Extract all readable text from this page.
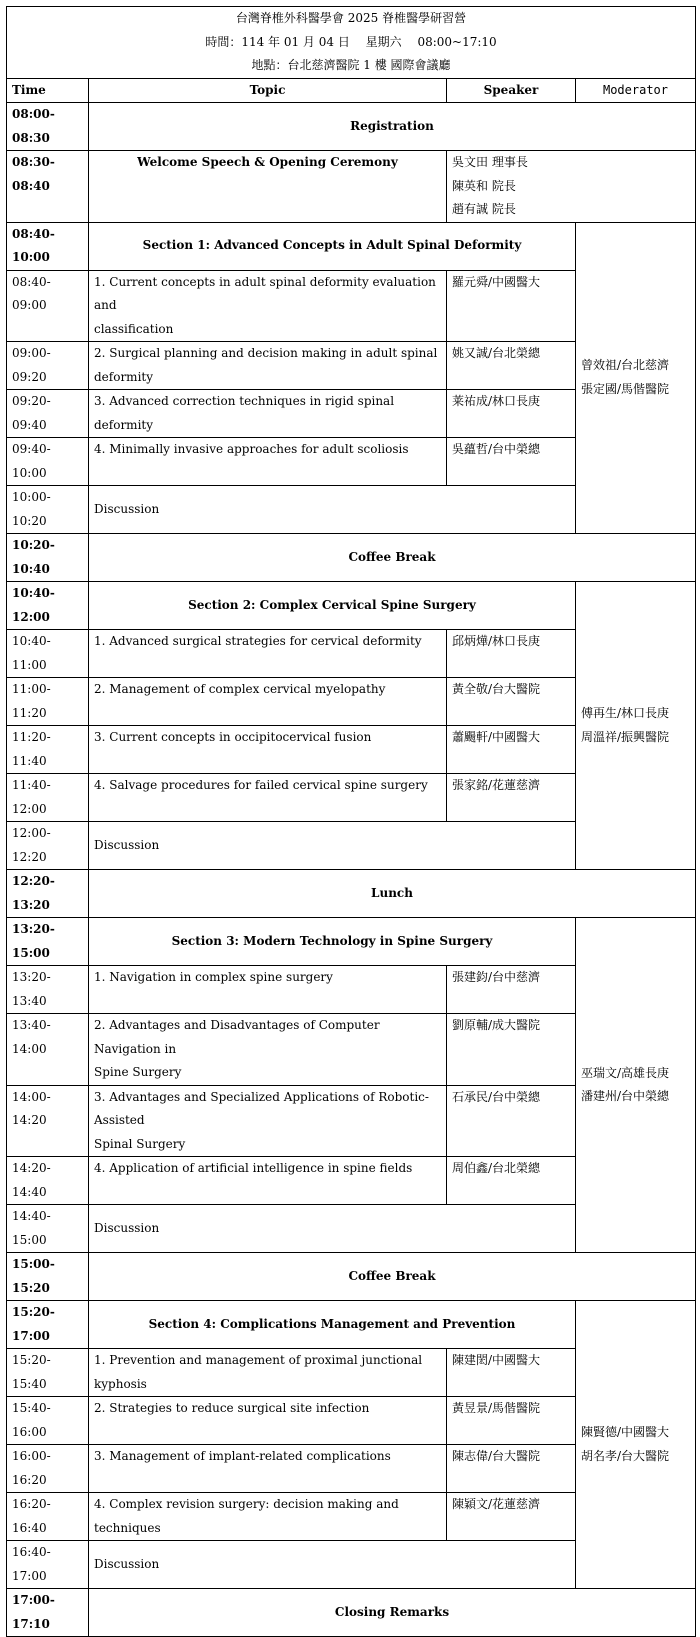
台灣脊椎外科醫學會 2025 脊椎醫學研習營
時間：114 年 01 月 04 日　 星期六　 08:00~17:10
地點：台北慈濟醫院 1 樓 國際會議廳			

Time	Topic	Speaker	Moderator
08:00-08:30	Registration		
08:30-08:40	Welcome Speech & Opening Ceremony	吳文田 理事長
陳英和 院長
趙有誠 院長	

08:40-10:00	Section 1: Advanced Concepts in Adult Spinal Deformity		曾效祖/台北慈濟
張定國/馬偕醫院

08:40-09:00	1. Current concepts in adult spinal deformity evaluation and
classification	羅元舜/中國醫大	
09:00-09:20	2. Surgical planning and decision making in adult spinal
deformity	姚又誠/台北榮總	
09:20-09:40	3. Advanced correction techniques in rigid spinal deformity	莱祐成/林口長庚	
09:40-10:00	4. Minimally invasive approaches for adult scoliosis	吳蘊哲/台中榮總	
10:00-10:20	Discussion		
10:20-10:40	Coffee Break		
10:40-12:00	Section 2: Complex Cervical Spine Surgery		傅再生/林口長庚
周溫祥/振興醫院

10:40-11:00	1. Advanced surgical strategies for cervical deformity	邱炳燁/林口長庚	
11:00-11:20	2. Management of complex cervical myelopathy	黃全敬/台大醫院	
11:20-11:40	3. Current concepts in occipitocervical fusion	蕭颺軒/中國醫大	
11:40-12:00	4. Salvage procedures for failed cervical spine surgery	張家銘/花蓮慈濟	
12:00-12:20	Discussion		
12:20-13:20	Lunch		
13:20-15:00	Section 3: Modern Technology in Spine Surgery		巫瑞文/高雄長庚
潘建州/台中榮總

13:20-13:40	1. Navigation in complex spine surgery	張建鈞/台中慈濟	
13:40-14:00	2. Advantages and Disadvantages of Computer Navigation in
Spine Surgery	劉原輔/成大醫院	
14:00-14:20	3. Advantages and Specialized Applications of Robotic-Assisted
Spinal Surgery	石承民/台中榮總	
14:20-14:40	4. Application of artificial intelligence in spine fields	周伯鑫/台北榮總	
14:40-15:00	Discussion		
15:00-15:20	Coffee Break		
15:20-17:00	Section 4: Complications Management and Prevention		陳賢德/中國醫大
胡名孝/台大醫院

15:20-15:40	1. Prevention and management of proximal junctional kyphosis	陳建閎/中國醫大	
15:40-16:00	2. Strategies to reduce surgical site infection	黃昱景/馬偕醫院	
16:00-16:20	3. Management of implant-related complications	陳志偉/台大醫院	
16:20-16:40	4. Complex revision surgery: decision making and techniques	陳穎文/花蓮慈濟	
16:40-17:00	Discussion		
17:00-17:10	Closing Remarks		
